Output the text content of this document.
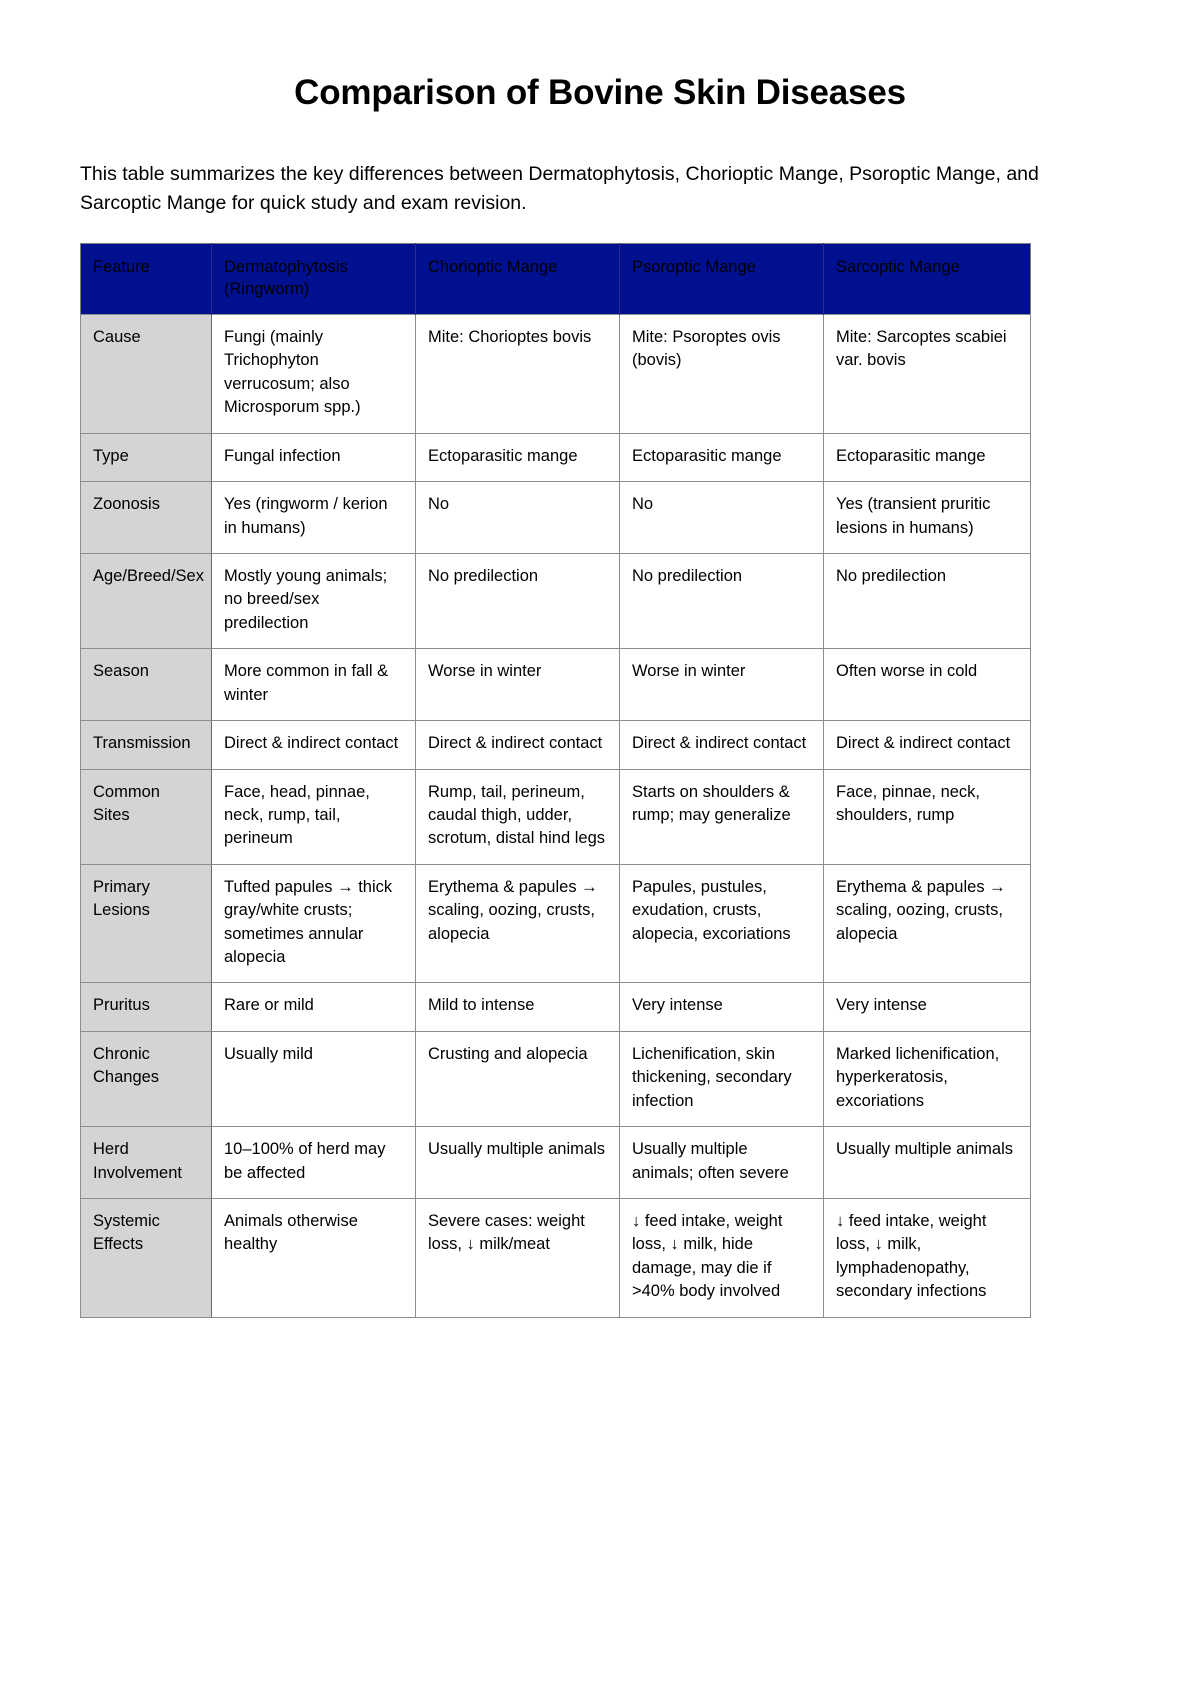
Comparison of Bovine Skin Diseases

This table summarizes the key differences between Dermatophytosis, Chorioptic Mange, Psoroptic Mange, and Sarcoptic Mange for quick study and exam revision.

Feature	Dermatophytosis (Ringworm)	Chorioptic Mange	Psoroptic Mange	Sarcoptic Mange
Cause	Fungi (mainly Trichophyton verrucosum; also Microsporum spp.)	Mite: Chorioptes bovis	Mite: Psoroptes ovis (bovis)	Mite: Sarcoptes scabiei var. bovis
Type	Fungal infection	Ectoparasitic mange	Ectoparasitic mange	Ectoparasitic mange
Zoonosis	Yes (ringworm / kerion in humans)	No	No	Yes (transient pruritic lesions in humans)
Age/Breed/Sex	Mostly young animals; no breed/sex predilection	No predilection	No predilection	No predilection
Season	More common in fall & winter	Worse in winter	Worse in winter	Often worse in cold
Transmission	Direct & indirect contact	Direct & indirect contact	Direct & indirect contact	Direct & indirect contact
Common Sites	Face, head, pinnae, neck, rump, tail, perineum	Rump, tail, perineum, caudal thigh, udder, scrotum, distal hind legs	Starts on shoulders & rump; may generalize	Face, pinnae, neck, shoulders, rump
Primary Lesions	Tufted papules → thick gray/white crusts; sometimes annular alopecia	Erythema & papules → scaling, oozing, crusts, alopecia	Papules, pustules, exudation, crusts, alopecia, excoriations	Erythema & papules → scaling, oozing, crusts, alopecia
Pruritus	Rare or mild	Mild to intense	Very intense	Very intense
Chronic Changes	Usually mild	Crusting and alopecia	Lichenification, skin thickening, secondary infection	Marked lichenification, hyperkeratosis, excoriations
Herd Involvement	10–100% of herd may be affected	Usually multiple animals	Usually multiple animals; often severe	Usually multiple animals
Systemic Effects	Animals otherwise healthy	Severe cases: weight loss, ↓ milk/meat	↓ feed intake, weight loss, ↓ milk, hide damage, may die if >40% body involved	↓ feed intake, weight loss, ↓ milk, lymphadenopathy, secondary infections
